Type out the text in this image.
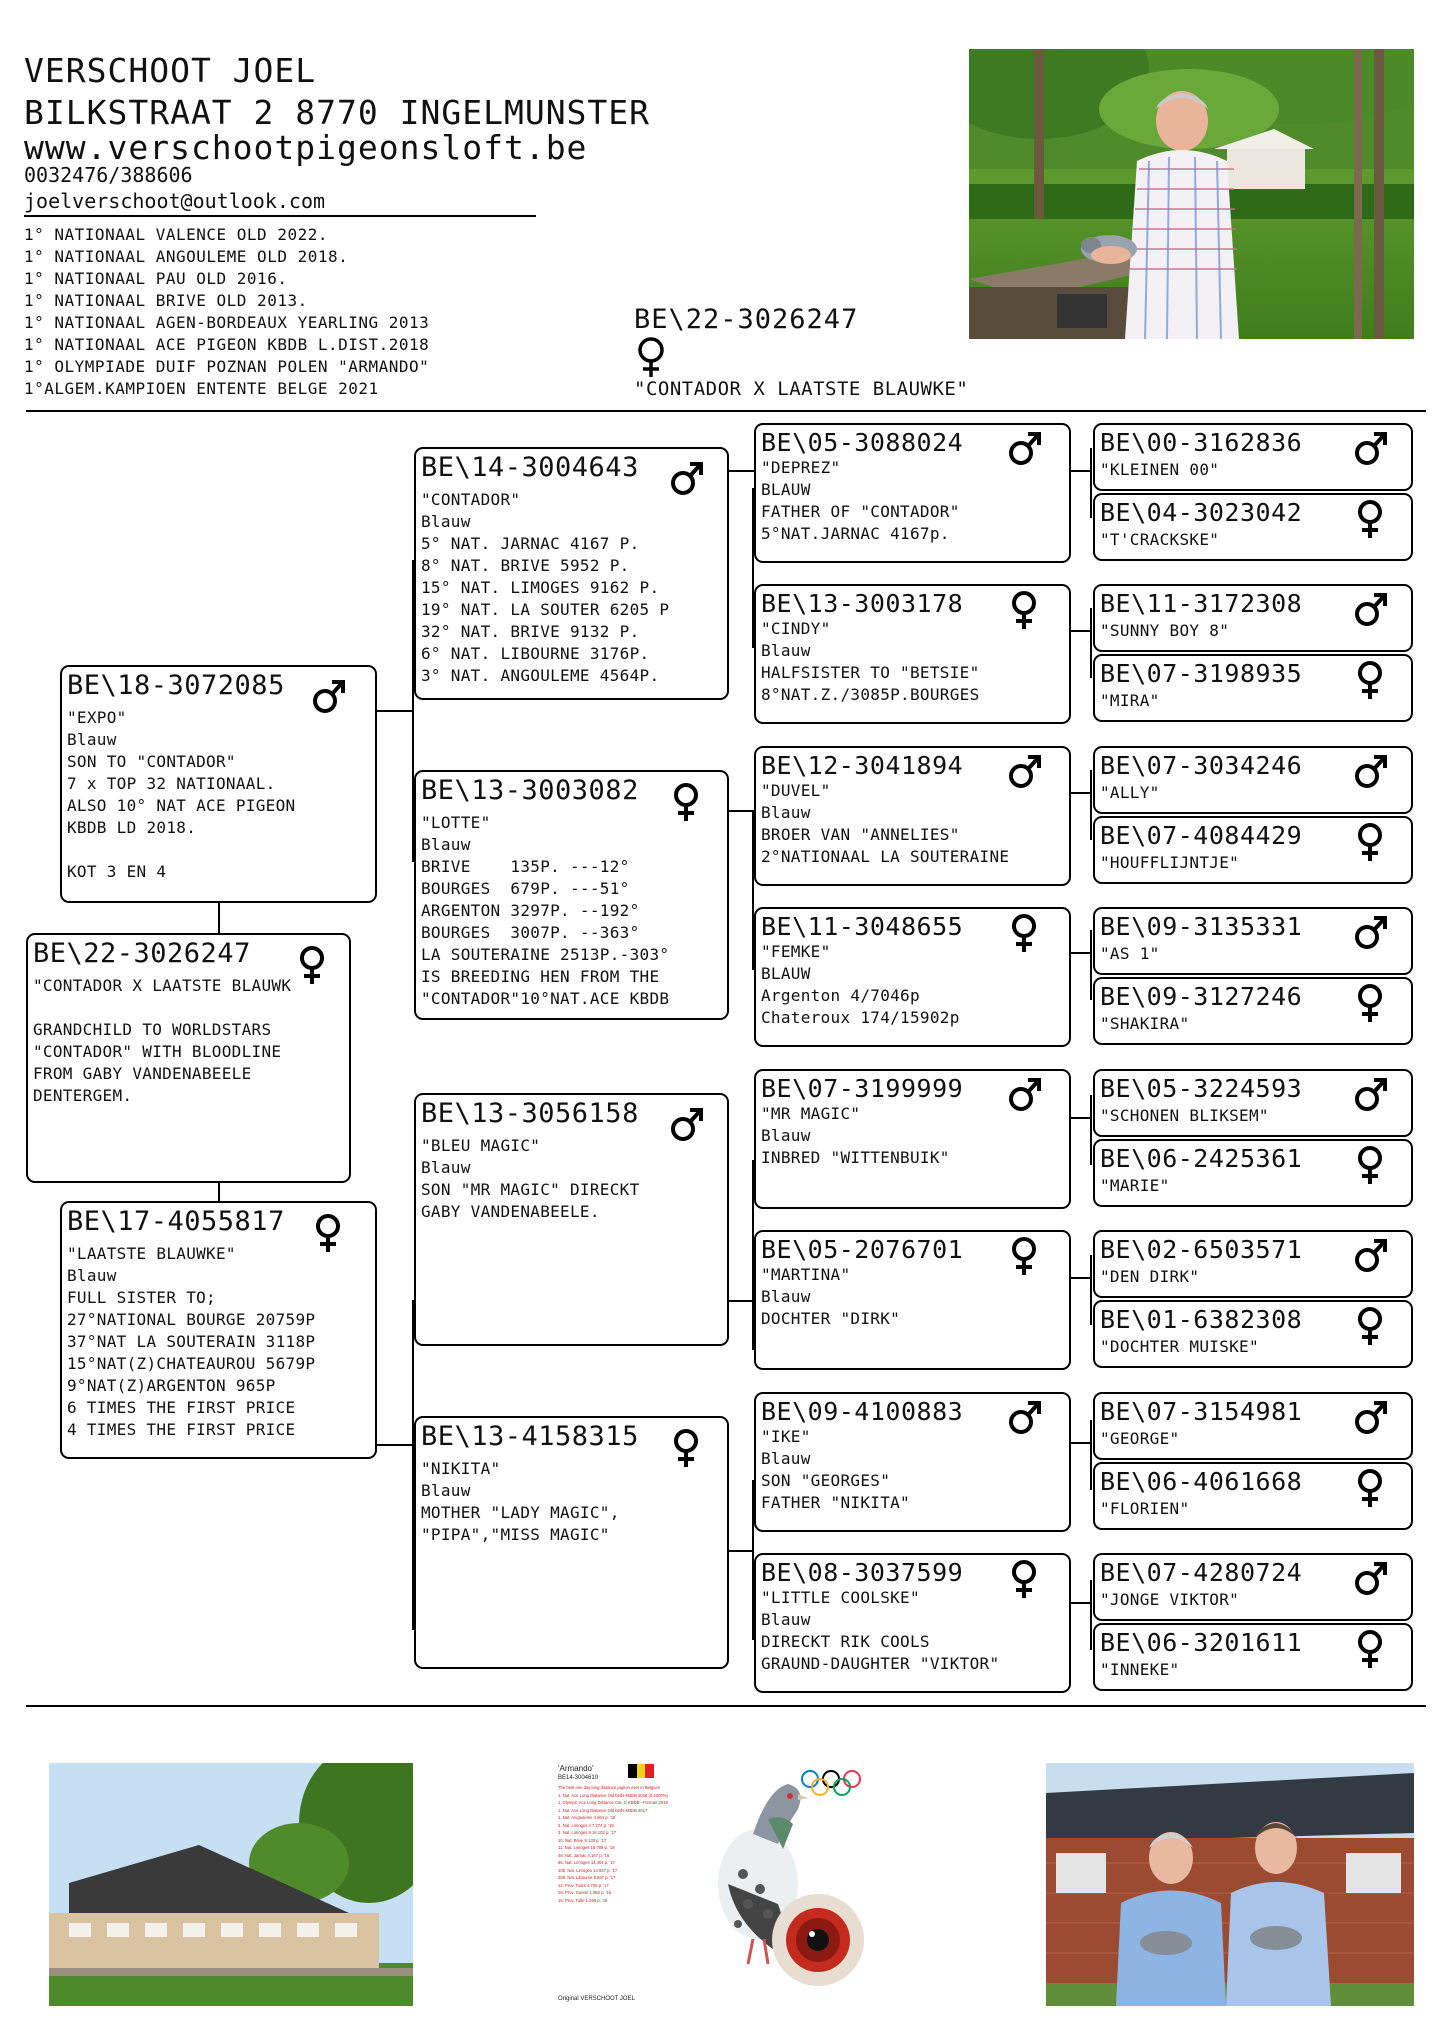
VERSCHOOT JOEL
BILKSTRAAT 2 8770 INGELMUNSTER
www.verschootpigeonsloft.be
0032476/388606
joelverschoot@outlook.com
1° NATIONAAL VALENCE OLD 2022.
1° NATIONAAL ANGOULEME OLD 2018.
1° NATIONAAL PAU OLD 2016.
1° NATIONAAL BRIVE OLD 2013.
1° NATIONAAL AGEN-BORDEAUX YEARLING 2013
1° NATIONAAL ACE PIGEON KBDB L.DIST.2018
1° OLYMPIADE DUIF POZNAN POLEN "ARMANDO"
1°ALGEM.KAMPIOEN ENTENTE BELGE 2021
BE\22-3026247
"CONTADOR X LAATSTE BLAUWKE"
BE\22-3026247
"CONTADOR X LAATSTE BLAUWK
GRANDCHILD TO WORLDSTARS
"CONTADOR" WITH BLOODLINE
FROM GABY VANDENABEELE
DENTERGEM.
BE\18-3072085
"EXPO"
Blauw
SON TO "CONTADOR"
7 x TOP 32 NATIONAAL.
ALSO 10° NAT ACE PIGEON
KBDB LD 2018.
KOT 3 EN 4
BE\17-4055817
"LAATSTE BLAUWKE"
Blauw
FULL SISTER TO;
27°NATIONAL BOURGE 20759P
37°NAT LA SOUTERAIN 3118P
15°NAT(Z)CHATEAUROU 5679P
9°NAT(Z)ARGENTON 965P
6 TIMES THE FIRST PRICE
4 TIMES THE FIRST PRICE
BE\14-3004643
"CONTADOR"
Blauw
5° NAT. JARNAC 4167 P.
8° NAT. BRIVE 5952 P.
15° NAT. LIMOGES 9162 P.
19° NAT. LA SOUTER 6205 P
32° NAT. BRIVE 9132 P.
6° NAT. LIBOURNE 3176P.
3° NAT. ANGOULEME 4564P.
BE\13-3003082
"LOTTE"
Blauw
BRIVE    135P. ---12°
BOURGES  679P. ---51°
ARGENTON 3297P. --192°
BOURGES  3007P. --363°
LA SOUTERAINE 2513P.-303°
IS BREEDING HEN FROM THE
"CONTADOR"10°NAT.ACE KBDB
BE\13-3056158
"BLEU MAGIC"
Blauw
SON "MR MAGIC" DIRECKT
GABY VANDENABEELE.
BE\13-4158315
"NIKITA"
Blauw
MOTHER "LADY MAGIC",
"PIPA","MISS MAGIC"
BE\05-3088024
"DEPREZ"
BLAUW
FATHER OF "CONTADOR"
5°NAT.JARNAC 4167p.
BE\13-3003178
"CINDY"
Blauw
HALFSISTER TO "BETSIE"
8°NAT.Z./3085P.BOURGES
BE\12-3041894
"DUVEL"
Blauw
BROER VAN "ANNELIES"
2°NATIONAAL LA SOUTERAINE
BE\11-3048655
"FEMKE"
BLAUW
Argenton 4/7046p
Chateroux 174/15902p
BE\07-3199999
"MR MAGIC"
Blauw
INBRED "WITTENBUIK"
BE\05-2076701
"MARTINA"
Blauw
DOCHTER "DIRK"
BE\09-4100883
"IKE"
Blauw
SON "GEORGES"
FATHER "NIKITA"
BE\08-3037599
"LITTLE COOLSKE"
Blauw
DIRECKT RIK COOLS
GRAUND-DAUGHTER "VIKTOR"
BE\00-3162836
"KLEINEN 00"
BE\04-3023042
"T'CRACKSKE"
BE\11-3172308
"SUNNY BOY 8"
BE\07-3198935
"MIRA"
BE\07-3034246
"ALLY"
BE\07-4084429
"HOUFFLIJNTJE"
BE\09-3135331
"AS 1"
BE\09-3127246
"SHAKIRA"
BE\05-3224593
"SCHONEN BLIKSEM"
BE\06-2425361
"MARIE"
BE\02-6503571
"DEN DIRK"
BE\01-6382308
"DOCHTER MUISKE"
BE\07-3154981
"GEORGE"
BE\06-4061668
"FLORIEN"
BE\07-4280724
"JONGE VIKTOR"
BE\06-3201611
"INNEKE"
'Armando'
BE14-3004610
The best one day long distance pigeon ever in Belgium
1. Nat. Ace Long Distance Old birds KBDB 2018 (0.2300%)
1. Olympic Ace Long Distance Cat. C KBDB - Poznan 2019
1. Nat. Ace Long Distance Old birds KBDB 2017
1. Nat. Angouleme 4.564 p. '18
2. Nat. Limoges 4.7.274 p. '18
3. Nat. Limoges 9.16.102 p. '17
10. Nat. Brive 9.133 p. '17
11. Nat. Limoges 15.789 p. '18
48. Nat. Jarnac 4.167 p. '16
85. Nat. Limoges 14.404 p. '17
108. Nat. Limoges 14.937 p. '17
209. Nat. Libourne 8.947 p. '17
12. Prov. Tours 4.709 p. '17
29. Prov. Gueret 1.952 p. '15
16. Prov. Tulle 1.266 p. '15
Original VERSCHOOT JOEL
